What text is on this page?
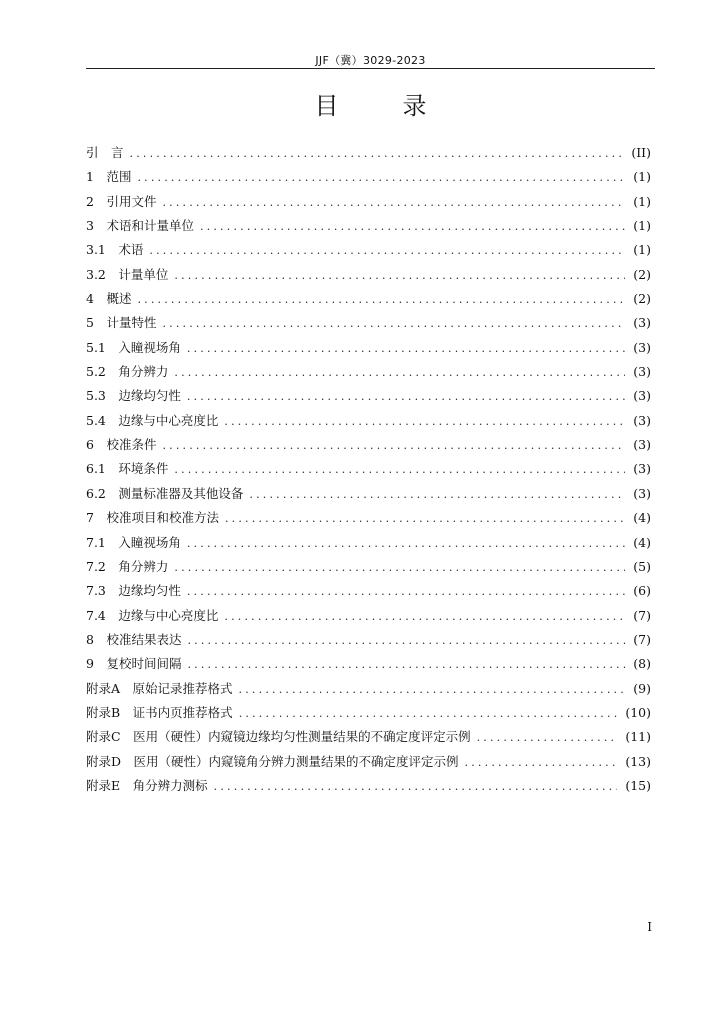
JJF（冀）3029-2023
目　录
引　言 .....	(II)
1　范围 .....	(1)
2　引用文件 .....	(1)
3　术语和计量单位 .....	(1)
3.1　术语 .....	(1)
3.2　计量单位 .....	(2)
4　概述 .....	(2)
5　计量特性 .....	(3)
5.1　入瞳视场角 .....	(3)
5.2　角分辨力 .....	(3)
5.3　边缘均匀性 .....	(3)
5.4　边缘与中心亮度比 .....	(3)
6　校准条件 .....	(3)
6.1　环境条件 .....	(3)
6.2　测量标准器及其他设备 .....	(3)
7　校准项目和校准方法 .....	(4)
7.1　入瞳视场角 .....	(4)
7.2　角分辨力 .....	(5)
7.3　边缘均匀性 .....	(6)
7.4　边缘与中心亮度比 .....	(7)
8　校准结果表达 .....	(7)
9　复校时间间隔 .....	(8)
附录A　原始记录推荐格式 .....	(9)
附录B　证书内页推荐格式 .....	(10)
附录C　医用（硬性）内窥镜边缘均匀性测量结果的不确定度评定示例 .....	(11)
附录D　医用（硬性）内窥镜角分辨力测量结果的不确定度评定示例 .....	(13)
附录E　角分辨力测标 .....	(15)
I
